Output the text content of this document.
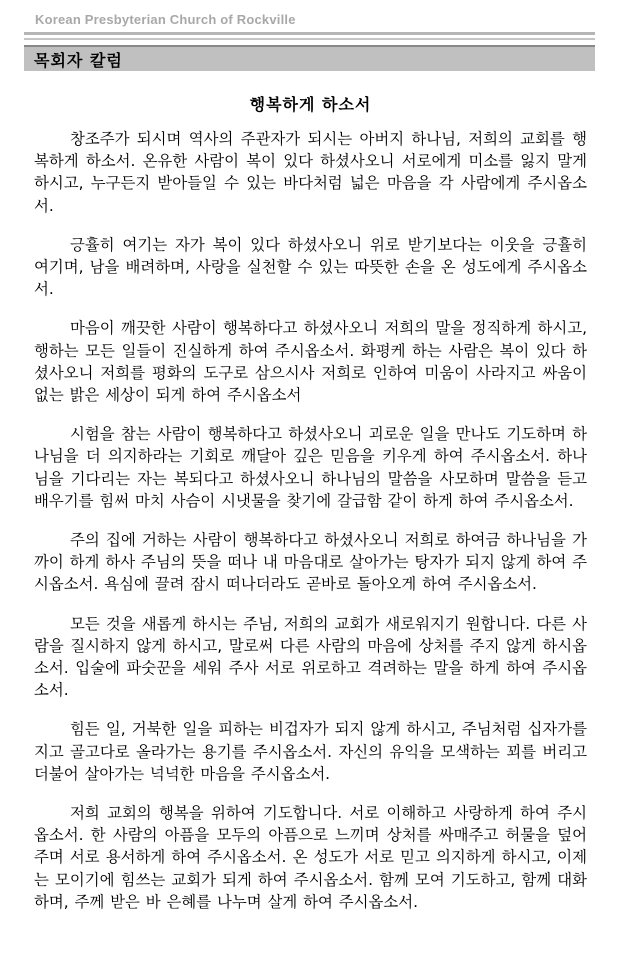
Korean Presbyterian Church of Rockville
목회자 칼럼
행복하게 하소서

창조주가 되시며 역사의 주관자가 되시는 아버지 하나님, 저희의 교회를 행복하게 하소서. 온유한 사람이 복이 있다 하셨사오니 서로에게 미소를 잃지 말게 하시고, 누구든지 받아들일 수 있는 바다처럼 넓은 마음을 각 사람에게 주시옵소서.

긍휼히 여기는 자가 복이 있다 하셨사오니 위로 받기보다는 이웃을 긍휼히 여기며, 남을 배려하며, 사랑을 실천할 수 있는 따뜻한 손을 온 성도에게 주시옵소서.

마음이 깨끗한 사람이 행복하다고 하셨사오니 저희의 말을 정직하게 하시고, 행하는 모든 일들이 진실하게 하여 주시옵소서. 화평케 하는 사람은 복이 있다 하셨사오니 저희를 평화의 도구로 삼으시사 저희로 인하여 미움이 사라지고 싸움이 없는 밝은 세상이 되게 하여 주시옵소서

시험을 참는 사람이 행복하다고 하셨사오니 괴로운 일을 만나도 기도하며 하나님을 더 의지하라는 기회로 깨달아 깊은 믿음을 키우게 하여 주시옵소서. 하나님을 기다리는 자는 복되다고 하셨사오니 하나님의 말씀을 사모하며 말씀을 듣고 배우기를 힘써 마치 사슴이 시냇물을 찾기에 갈급함 같이 하게 하여 주시옵소서.

주의 집에 거하는 사람이 행복하다고 하셨사오니 저희로 하여금 하나님을 가까이 하게 하사 주님의 뜻을 떠나 내 마음대로 살아가는 탕자가 되지 않게 하여 주시옵소서. 욕심에 끌려 잠시 떠나더라도 곧바로 돌아오게 하여 주시옵소서.

모든 것을 새롭게 하시는 주님, 저희의 교회가 새로워지기 원합니다. 다른 사람을 질시하지 않게 하시고, 말로써 다른 사람의 마음에 상처를 주지 않게 하시옵소서. 입술에 파숫꾼을 세워 주사 서로 위로하고 격려하는 말을 하게 하여 주시옵소서.

힘든 일, 거북한 일을 피하는 비겁자가 되지 않게 하시고, 주님처럼 십자가를 지고 골고다로 올라가는 용기를 주시옵소서. 자신의 유익을 모색하는 꾀를 버리고 더불어 살아가는 넉넉한 마음을 주시옵소서.

저희 교회의 행복을 위하여 기도합니다. 서로 이해하고 사랑하게 하여 주시옵소서. 한 사람의 아픔을 모두의 아픔으로 느끼며 상처를 싸매주고 허물을 덮어주며 서로 용서하게 하여 주시옵소서. 온 성도가 서로 믿고 의지하게 하시고, 이제는 모이기에 힘쓰는 교회가 되게 하여 주시옵소서. 함께 모여 기도하고, 함께 대화하며, 주께 받은 바 은혜를 나누며 살게 하여 주시옵소서.
